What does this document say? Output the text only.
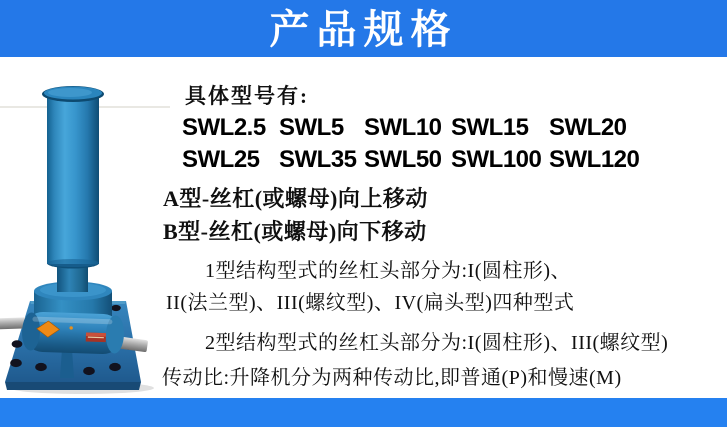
产品规格
具体型号有:
SWL2.5 SWL5 SWL10 SWL15 SWL20
SWL25 SWL35 SWL50 SWL100 SWL120
A型-丝杠(或螺母)向上移动
B型-丝杠(或螺母)向下移动
1型结构型式的丝杠头部分为:I(圆柱形)、
II(法兰型)、III(螺纹型)、IV(扁头型)四种型式
2型结构型式的丝杠头部分为:I(圆柱形)、III(螺纹型)
传动比:升降机分为两种传动比,即普通(P)和慢速(M)
